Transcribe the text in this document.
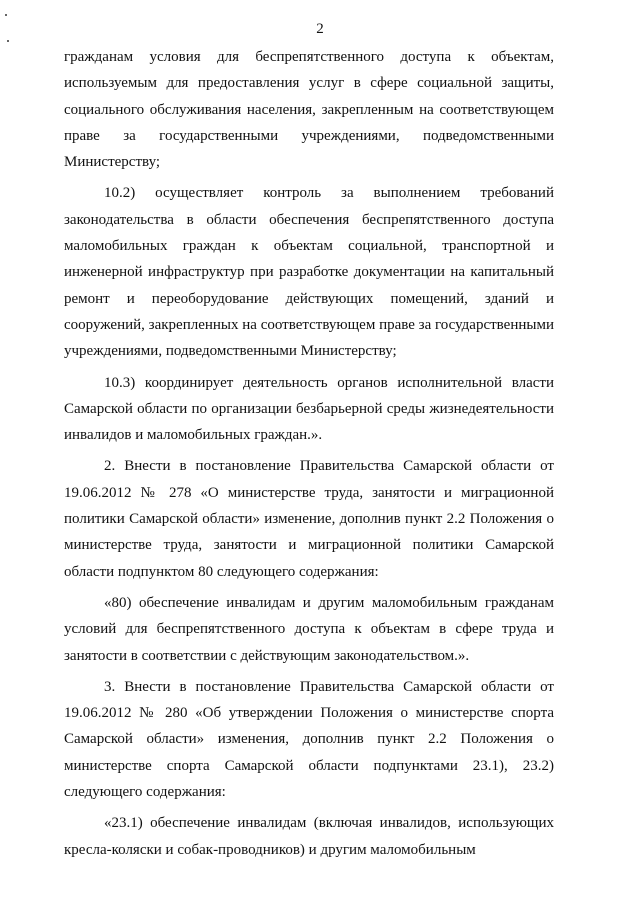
2

гражданам условия для беспрепятственного доступа к объектам, используемым для предоставления услуг в сфере социальной защиты, социального обслуживания населения, закрепленным на соответствующем праве за государственными учреждениями, подведомственными Министерству;

10.2) осуществляет контроль за выполнением требований законодательства в области обеспечения беспрепятственного доступа маломобильных граждан к объектам социальной, транспортной и инженерной инфраструктур при разработке документации на капитальный ремонт и переоборудование действующих помещений, зданий и сооружений, закрепленных на соответствующем праве за государственными учреждениями, подведомственными Министерству;

10.3) координирует деятельность органов исполнительной власти Самарской области по организации безбарьерной среды жизнедеятельности инвалидов и маломобильных граждан.».

2. Внести в постановление Правительства Самарской области от 19.06.2012 № 278 «О министерстве труда, занятости и миграционной политики Самарской области» изменение, дополнив пункт 2.2 Положения о министерстве труда, занятости и миграционной политики Самарской области подпунктом 80 следующего содержания:

«80) обеспечение инвалидам и другим маломобильным гражданам условий для беспрепятственного доступа к объектам в сфере труда и занятости в соответствии с действующим законодательством.».

3. Внести в постановление Правительства Самарской области от 19.06.2012 № 280 «Об утверждении Положения о министерстве спорта Самарской области» изменения, дополнив пункт 2.2 Положения о министерстве спорта Самарской области подпунктами 23.1), 23.2) следующего содержания:

«23.1) обеспечение инвалидам (включая инвалидов, использующих кресла-коляски и собак-проводников) и другим маломобильным
